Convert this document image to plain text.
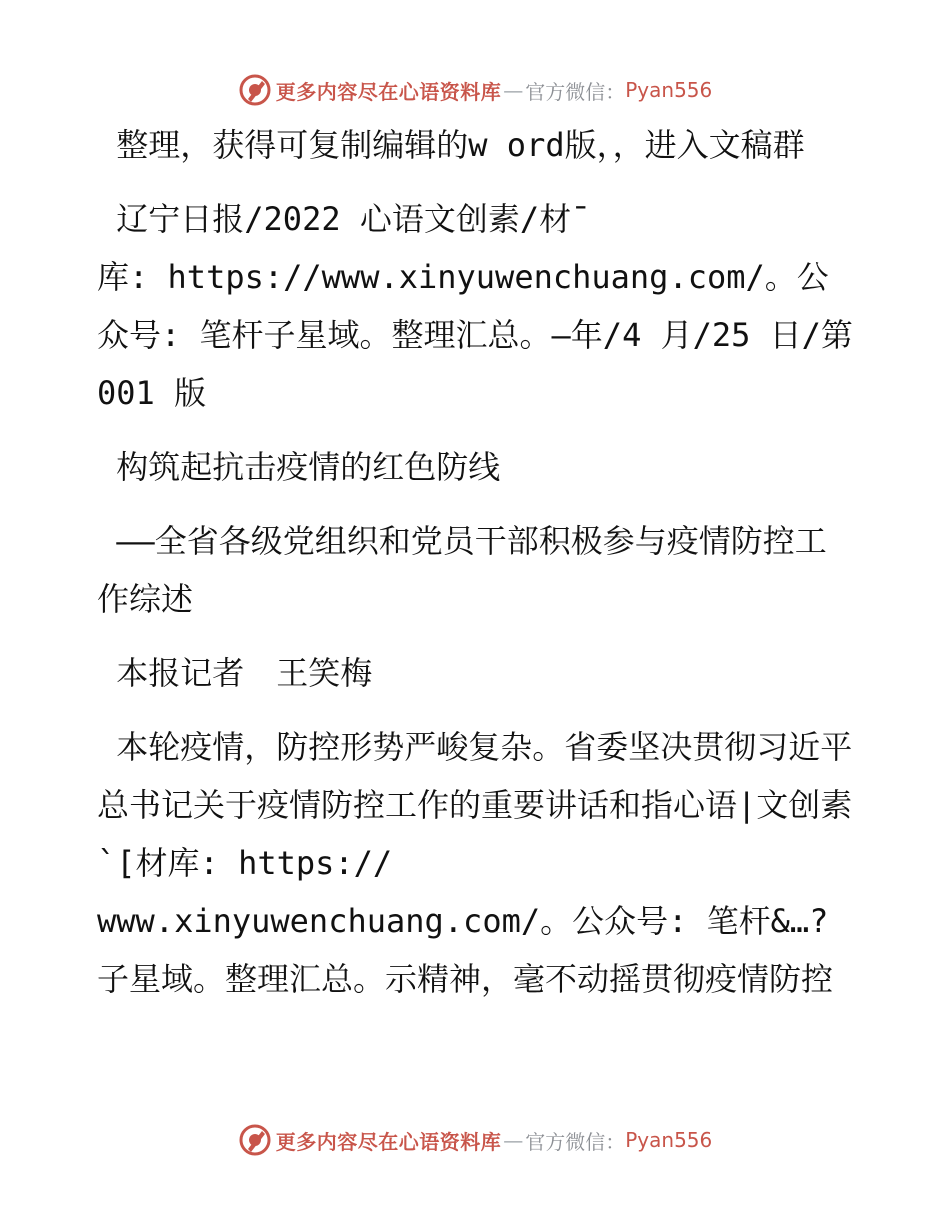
更多内容尽在心语资料库 — 官方微信： Pyan556

整理，获得可复制编辑的w ord版，，进入文稿群

辽宁日报/2022 心语文创素/材¯
库: https://www.xinyuwenchuang.com/。公众号: 笔杆子星域。整理汇总。—年/4 月/25 日/第 001 版

构筑起抗击疫情的红色防线

——全省各级党组织和党员干部积极参与疫情防控工作综述

本报记者　王笑梅

本轮疫情，防控形势严峻复杂。省委坚决贯彻习近平总书记关于疫情防控工作的重要讲话和指心语|文创素`[材库: https://
www.xinyuwenchuang.com/。公众号: 笔杆&…?子星域。整理汇总。示精神，毫不动摇贯彻疫情防控

更多内容尽在心语资料库 — 官方微信： Pyan556
